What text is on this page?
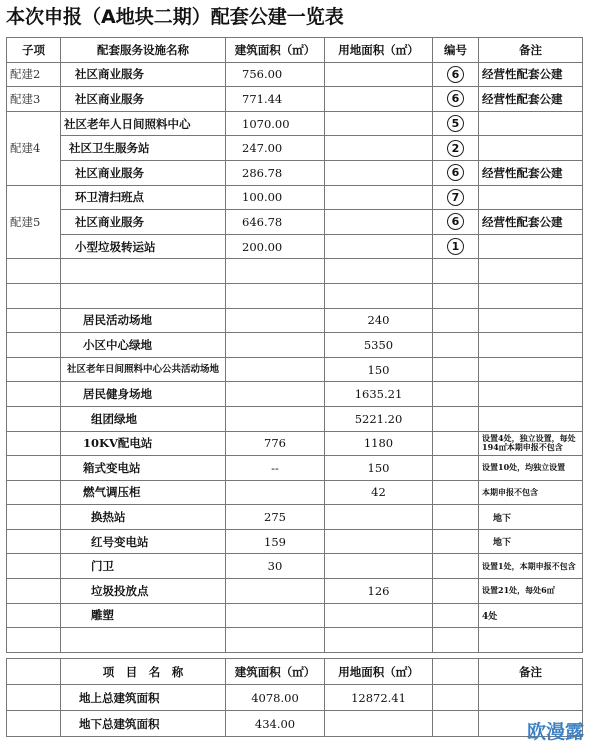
本次申报（A地块二期）配套公建一览表
子项	配套服务设施名称	建筑面积（㎡）	用地面积（㎡）	编号	备注
配建2	社区商业服务	756.00		6	经营性配套公建
配建3	社区商业服务	771.44		6	经营性配套公建
配建4	社区老年人日间照料中心	1070.00		5	
	社区卫生服务站	247.00		2	
	社区商业服务	286.78		6	经营性配套公建
配建5	环卫清扫班点	100.00		7	
	社区商业服务	646.78		6	经营性配套公建
	小型垃圾转运站	200.00		1	

	居民活动场地		240		
	小区中心绿地		5350		
	社区老年日间照料中心公共活动场地		150		
	居民健身场地		1635.21		
	组团绿地		5221.20		
	10KV配电站	776	1180		设置4处，独立设置，每处194㎡本期申报不包含
	箱式变电站	--	150		设置10处，均独立设置
	燃气调压柜		42		本期申报不包含
	换热站	275			地下
	红号变电站	159			地下
	门卫	30			设置1处，本期申报不包含
	垃圾投放点		126		设置21处，每处6㎡
	雕塑				4处

	项　目　名　称	建筑面积（㎡）	用地面积（㎡）		备注
	地上总建筑面积	4078.00	12872.41		
	地下总建筑面积	434.00				欧漫露
